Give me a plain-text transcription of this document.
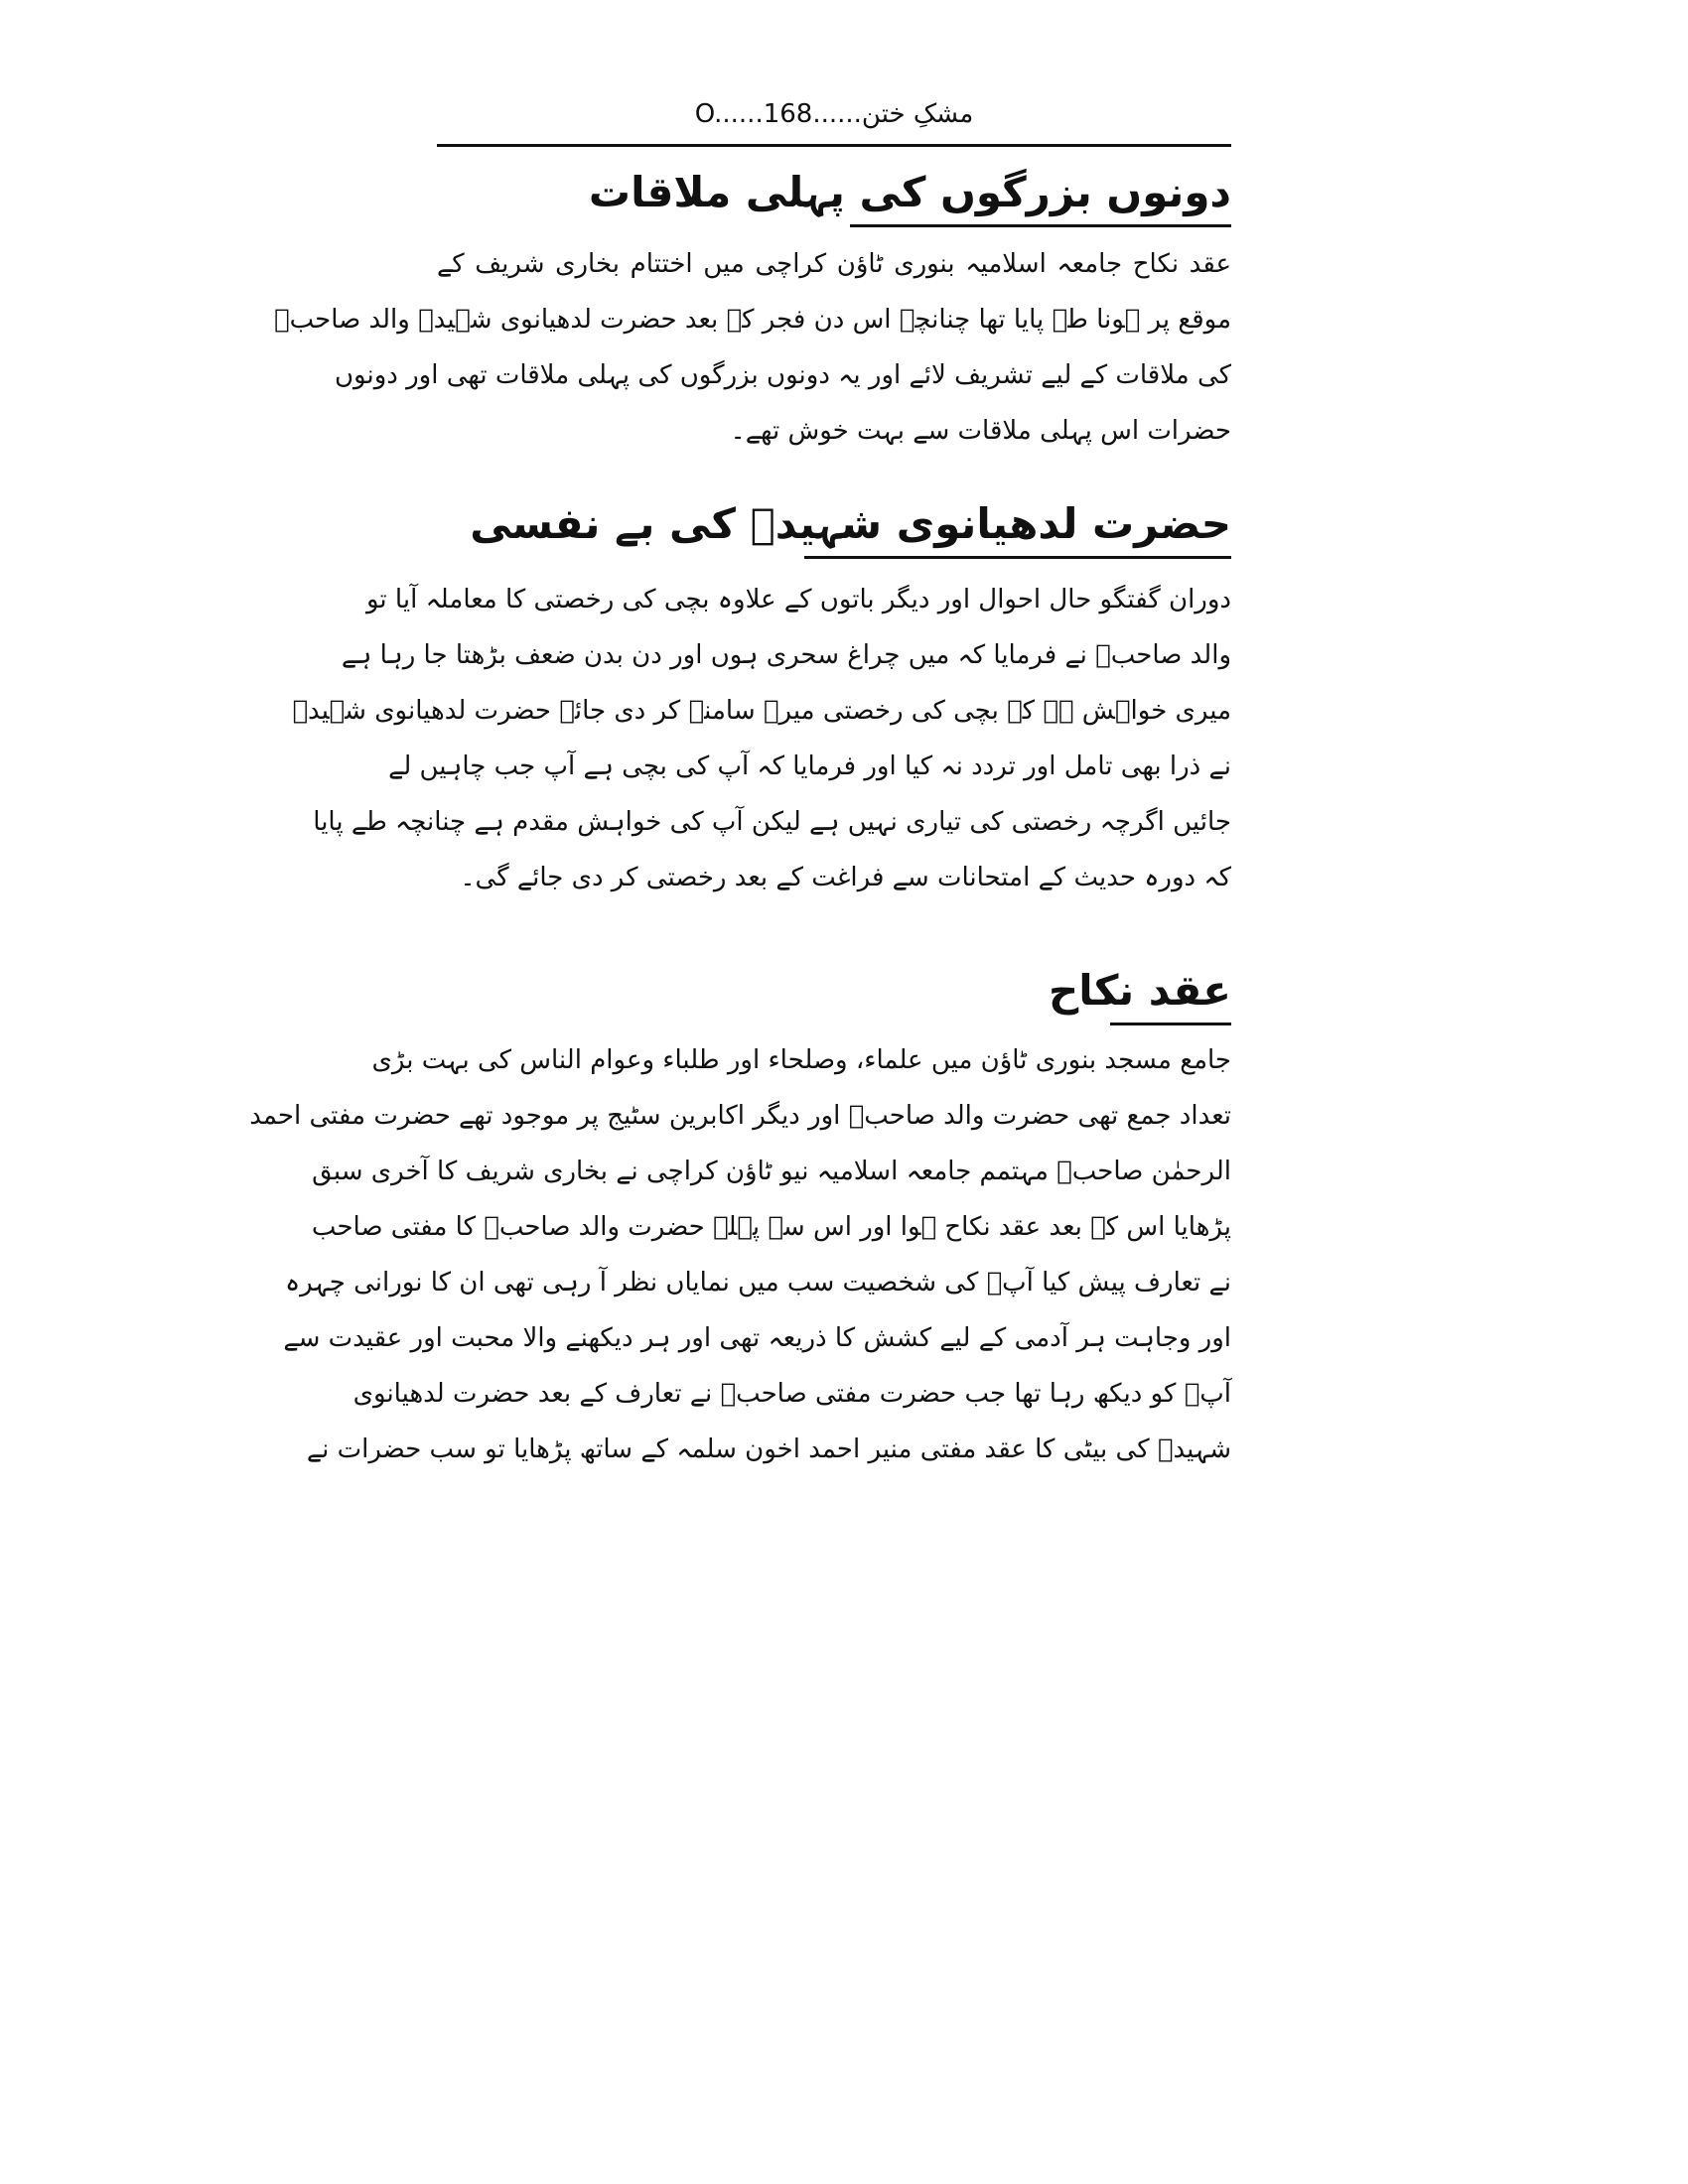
مشکِ ختن......O......168
دونوں بزرگوں کی پہلی ملاقات
عقد نکاح جامعہ اسلامیہ بنوری ٹاؤن کراچی میں اختتام بخاری شریف کے
موقع پر ہونا طے پایا تھا چنانچہ اس دن فجر کے بعد حضرت لدھیانوی شہیدؒ والد صاحبؒ
کی ملاقات کے لیے تشریف لائے اور یہ دونوں بزرگوں کی پہلی ملاقات تھی اور دونوں
حضرات اس پہلی ملاقات سے بہت خوش تھے۔
حضرت لدھیانوی شہیدؒ کی بے نفسی
دوران گفتگو حال احوال اور دیگر باتوں کے علاوہ بچی کی رخصتی کا معاملہ آیا تو
والد صاحبؒ نے فرمایا کہ میں چراغ سحری ہوں اور دن بدن ضعف بڑھتا جا رہا ہے
میری خواہش ہے کہ بچی کی رخصتی میرے سامنے کر دی جائے حضرت لدھیانوی شہیدؒ
نے ذرا بھی تامل اور تردد نہ کیا اور فرمایا کہ آپ کی بچی ہے آپ جب چاہیں لے
جائیں اگرچہ رخصتی کی تیاری نہیں ہے لیکن آپ کی خواہش مقدم ہے چنانچہ طے پایا
کہ دورہ حدیث کے امتحانات سے فراغت کے بعد رخصتی کر دی جائے گی۔
عقد نکاح
جامع مسجد بنوری ٹاؤن میں علماء، وصلحاء اور طلباء وعوام الناس کی بہت بڑی
تعداد جمع تھی حضرت والد صاحبؒ اور دیگر اکابرین سٹیج پر موجود تھے حضرت مفتی احمد
الرحمٰن صاحبؒ مہتمم جامعہ اسلامیہ نیو ٹاؤن کراچی نے بخاری شریف کا آخری سبق
پڑھایا اس کے بعد عقد نکاح ہوا اور اس سے پہلے حضرت والد صاحبؒ کا مفتی صاحب
نے تعارف پیش کیا آپؒ کی شخصیت سب میں نمایاں نظر آ رہی تھی ان کا نورانی چہرہ
اور وجاہت ہر آدمی کے لیے کشش کا ذریعہ تھی اور ہر دیکھنے والا محبت اور عقیدت سے
آپؒ کو دیکھ رہا تھا جب حضرت مفتی صاحبؒ نے تعارف کے بعد حضرت لدھیانوی
شہیدؒ کی بیٹی کا عقد مفتی منیر احمد اخون سلمہ کے ساتھ پڑھایا تو سب حضرات نے
